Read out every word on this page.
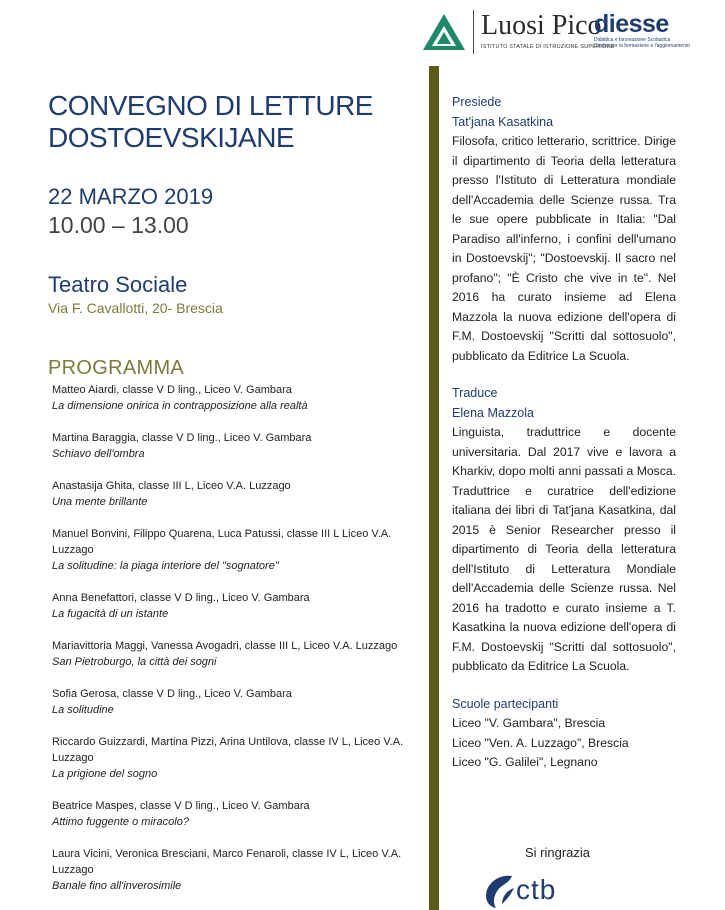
Luosi Pico
ISTITUTO STATALE DI ISTRUZIONE SUPERIORE
diesse
Didattica e Innovazione Scolastica
Centro per la formazione e l'aggiornamento
CONVEGNO DI LETTURE DOSTOEVSKIJANE
22 MARZO 2019
10.00 – 13.00
Teatro Sociale
Via F. Cavallotti, 20- Brescia
PROGRAMMA
Matteo Aiardi, classe V D ling., Liceo V. Gambara
La dimensione onirica in contrapposizione alla realtà
Martina Baraggia, classe V D ling., Liceo V. Gambara
Schiavo dell'ombra
Anastasija Ghita, classe III L, Liceo V.A. Luzzago
Una mente brillante
Manuel Bonvini, Filippo Quarena, Luca Patussi, classe III L Liceo V.A. Luzzago
La solitudine: la piaga interiore del "sognatore"
Anna Benefattori, classe V D ling., Liceo V. Gambara
La fugacità di un istante
Mariavittoria Maggi, Vanessa Avogadri, classe III L, Liceo V.A. Luzzago
San Pietroburgo, la città dei sogni
Sofia Gerosa, classe V D ling., Liceo V. Gambara
La solitudine
Riccardo Guizzardi, Martina Pizzi, Arina Untilova, classe IV L, Liceo V.A. Luzzago
La prigione del sogno
Beatrice Maspes, classe V D ling., Liceo V. Gambara
Attimo fuggente o miracolo?
Laura Vicini, Veronica Bresciani, Marco Fenaroli, classe IV L, Liceo V.A. Luzzago
Banale fino all'inverosimile
Presiede
Tat'jana Kasatkina

Filosofa, critico letterario, scrittrice. Dirige il dipartimento di Teoria della letteratura presso l'Istituto di Letteratura mondiale dell'Accademia delle Scienze russa. Tra le sue opere pubblicate in Italia: "Dal Paradiso all'inferno, i confini dell'umano in Dostoevskij"; "Dostoevskij. Il sacro nel profano"; "È Cristo che vive in te". Nel 2016 ha curato insieme ad Elena Mazzola la nuova edizione dell'opera di F.M. Dostoevskij "Scritti dal sottosuolo", pubblicato da Editrice La Scuola.

Traduce
Elena Mazzola

Linguista, traduttrice e docente universitaria. Dal 2017 vive e lavora a Kharkiv, dopo molti anni passati a Mosca. Traduttrice e curatrice dell'edizione italiana dei libri di Tat'jana Kasatkina, dal 2015 è Senior Researcher presso il dipartimento di Teoria della letteratura dell'Istituto di Letteratura Mondiale dell'Accademia delle Scienze russa. Nel 2016 ha tradotto e curato insieme a T. Kasatkina la nuova edizione dell'opera di F.M. Dostoevskij "Scritti dal sottosuolo", pubblicato da Editrice La Scuola.

Scuole partecipanti
Liceo "V. Gambara", Brescia
Liceo "Ven. A. Luzzago", Brescia
Liceo "G. Galilei", Legnano
Si ringrazia
ctb
